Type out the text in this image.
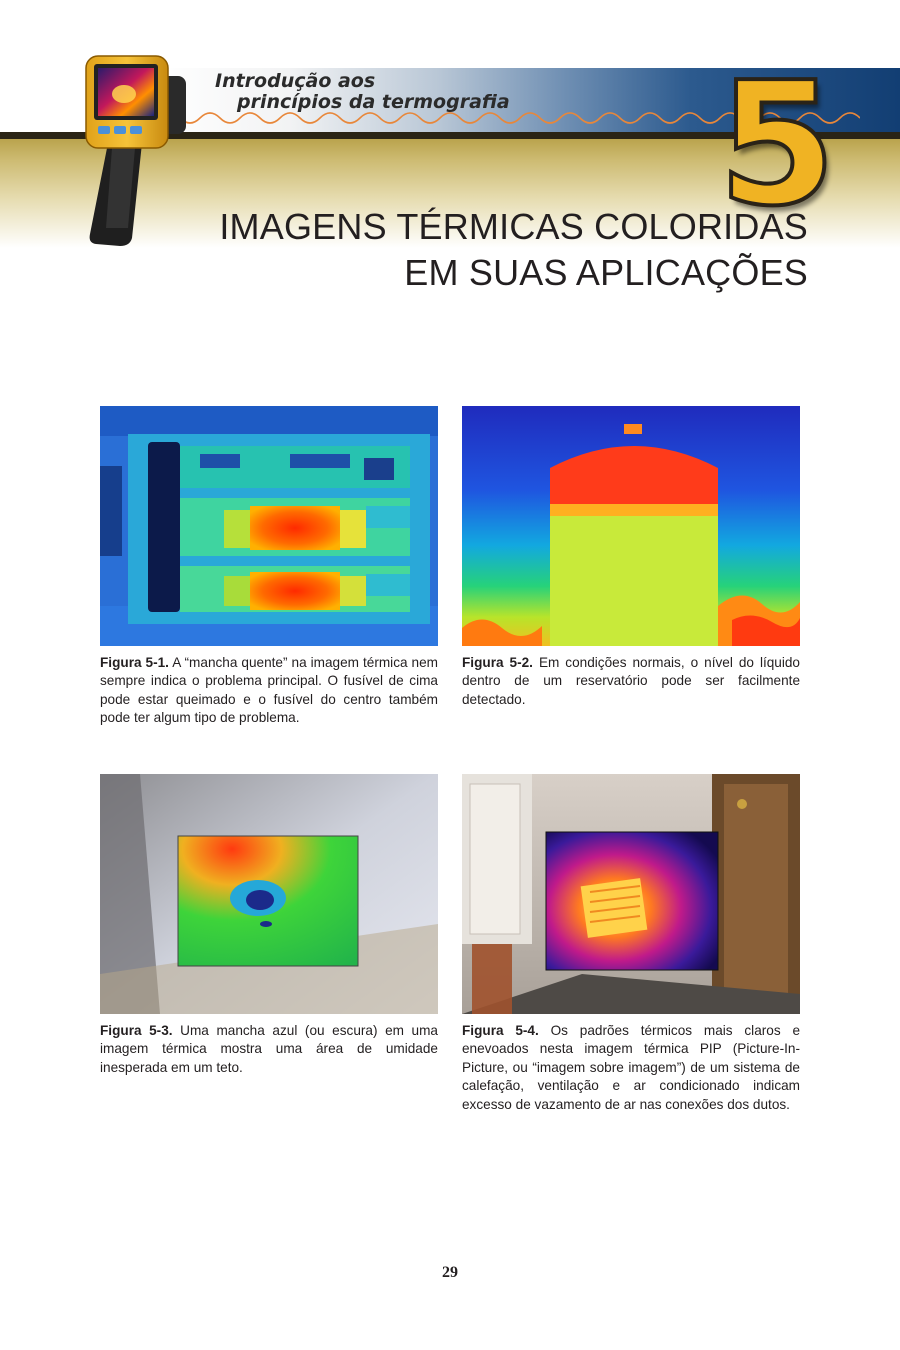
Introdução aos
princípios da termografia 5
IMAGENS TÉRMICAS COLORIDAS
EM SUAS APLICAÇÕES
Figura 5-1. A “mancha quente” na imagem térmica nem sempre indica o problema principal. O fusível de cima pode estar queimado e o fusível do centro também pode ter algum tipo de problema.
Figura 5-2. Em condições normais, o nível do líquido dentro de um reservatório pode ser facilmente detectado.
Figura 5-3. Uma mancha azul (ou escura) em uma imagem térmica mostra uma área de umidade inesperada em um teto.
Figura 5-4. Os padrões térmicos mais claros e enevoados nesta imagem térmica PIP (Picture-In-Picture, ou “imagem sobre imagem”) de um sistema de calefação, ventilação e ar condicionado indicam excesso de vazamento de ar nas conexões dos dutos.
29
